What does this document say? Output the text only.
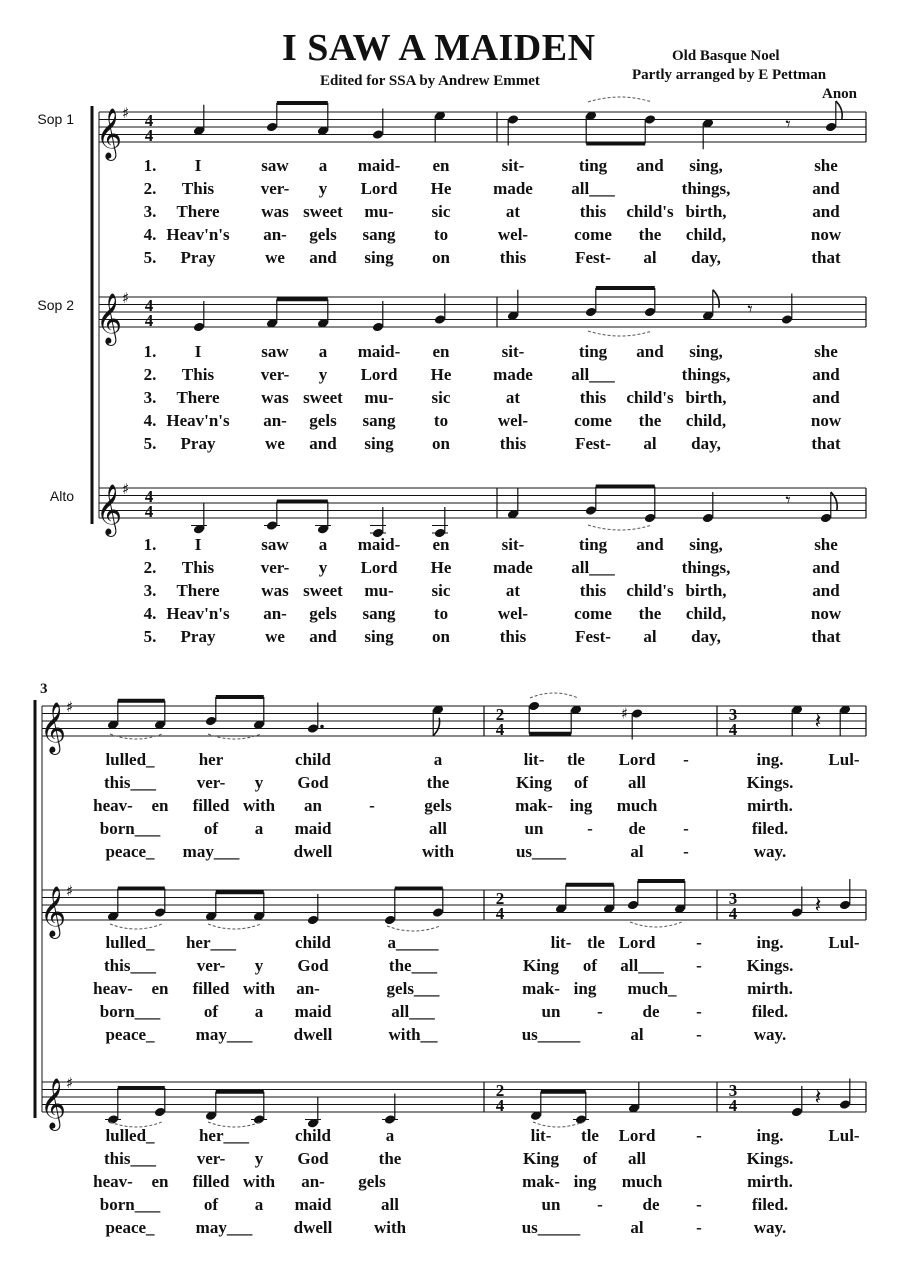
I SAW A MAIDEN
Edited for SSA by Andrew Emmet
Old Basque Noel
Partly arranged by E Pettman
Anon
𝄞 ♯ 4
4
Sop 1
𝄞 ♯ 4
4
Sop 2
𝄞 ♯ 4
4
Alto
𝄾
𝄾
𝄾
1. I	saw a maid- en	sit-	ting and sing,	she
2. This	ver- y Lord He made all___	things,	and
3. There was sweet mu- sic	at	this child's birth,	and
4. Heav'n's an- gels sang to	wel-	come the child,	now
5. Pray	we and sing on	this	Fest- al day,	that
1. I	saw a maid- en	sit-	ting and sing,	she
2. This	ver- y Lord He made all___	things,	and
3. There was sweet mu- sic	at	this child's birth,	and
4. Heav'n's an- gels sang to	wel-	come the child,	now
5. Pray	we and sing on	this	Fest- al day,	that
1. I	saw a maid- en	sit-	ting and sing,	she
2. This	ver- y Lord He made all___	things,	and
3. There was sweet mu- sic	at	this child's birth,	and
4. Heav'n's an- gels sang to	wel-	come the child,	now
5. Pray	we and sing on	this	Fest- al day,	that
3
𝄞 ♯	2
4
3
4
𝄞 ♯	2
4
3
4
𝄞 ♯	2
4
3
4
♯	𝄽
𝄽
𝄽
lulled_	her	child	a	lit- tle Lord -	ing.	Lul-
this___ ver- y God	the	King of all	Kings.
heav- en filled with an	-	gels	mak- ing much	mirth.
born___	of a maid	all	un	- de -	filed.
peace_ may___	dwell	with	us____	al -	way.
lulled_ her___	child	a_____	lit- tle Lord -	ing.	Lul-
this___ ver- y God	the___	King of all___ -	Kings.
heav- en filled with an-	gels___	mak- ing much_	mirth.
born___	of a maid	all___	un - de -	filed.
peace_ may___ dwell	with__	us_____	al	-	way.
lulled_	her___	child	a	lit- tle Lord -	ing.	Lul-
this___ ver- y God	the	King of all	Kings.
heav- en filled with an- gels	mak- ing much	mirth.
born___	of a maid	all	un - de -	filed.
peace_ may___ dwell with	us_____	al	-	way.
